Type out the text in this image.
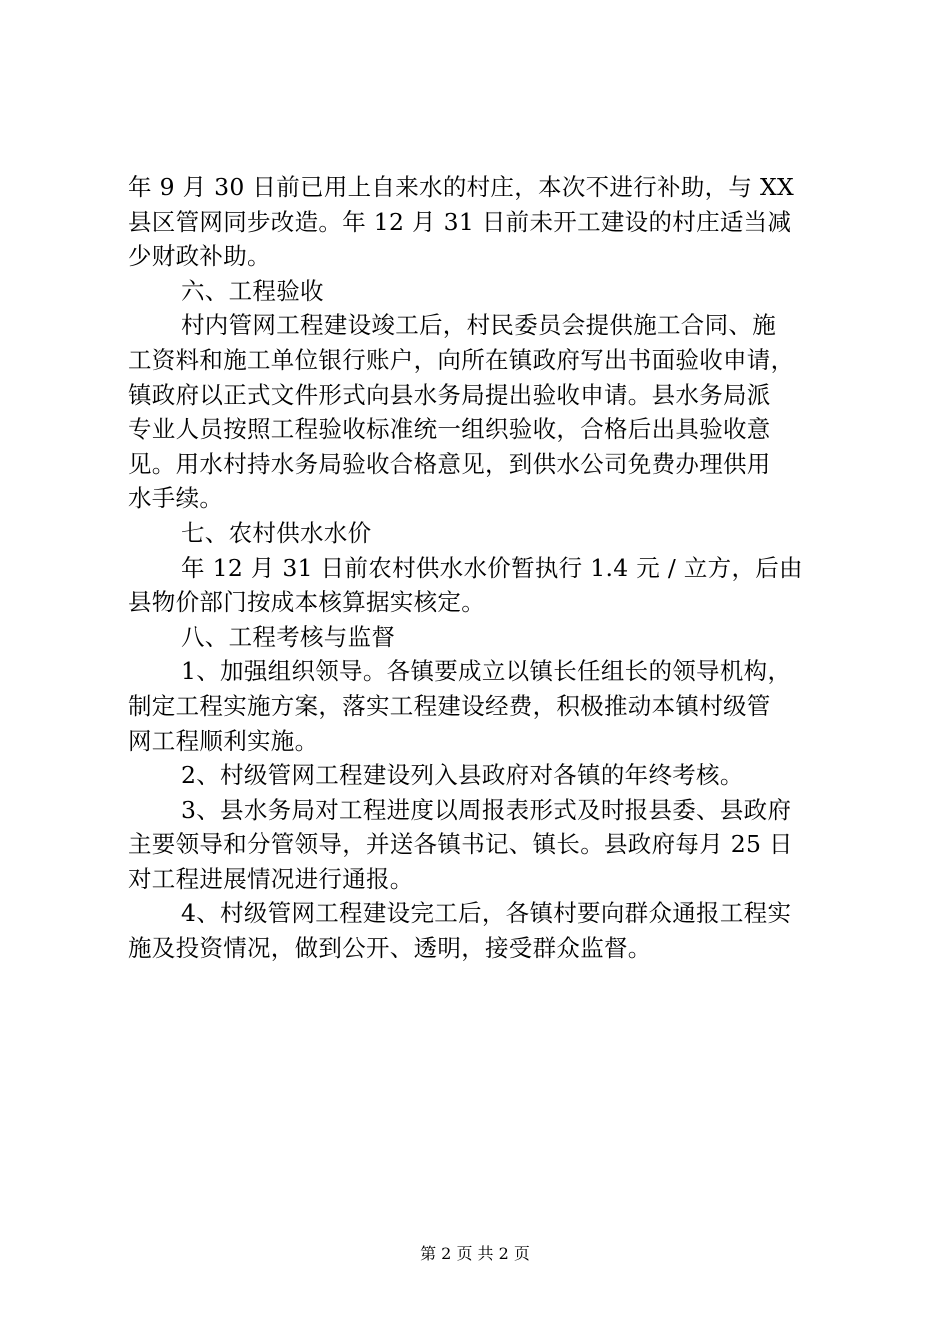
年 9 月 30 日前已用上自来水的村庄，本次不进行补助，与 XX
县区管网同步改造。年 12 月 31 日前未开工建设的村庄适当减
少财政补助。
六、工程验收
村内管网工程建设竣工后，村民委员会提供施工合同、施
工资料和施工单位银行账户，向所在镇政府写出书面验收申请，
镇政府以正式文件形式向县水务局提出验收申请。县水务局派
专业人员按照工程验收标准统一组织验收，合格后出具验收意
见。用水村持水务局验收合格意见，到供水公司免费办理供用
水手续。
七、农村供水水价
年 12 月 31 日前农村供水水价暂执行 1.4 元 / 立方，后由
县物价部门按成本核算据实核定。
八、工程考核与监督
1、加强组织领导。各镇要成立以镇长任组长的领导机构，
制定工程实施方案，落实工程建设经费，积极推动本镇村级管
网工程顺利实施。
2、村级管网工程建设列入县政府对各镇的年终考核。
3、县水务局对工程进度以周报表形式及时报县委、县政府
主要领导和分管领导，并送各镇书记、镇长。县政府每月 25 日
对工程进展情况进行通报。
4、村级管网工程建设完工后，各镇村要向群众通报工程实
施及投资情况，做到公开、透明，接受群众监督。
第 2 页 共 2 页
